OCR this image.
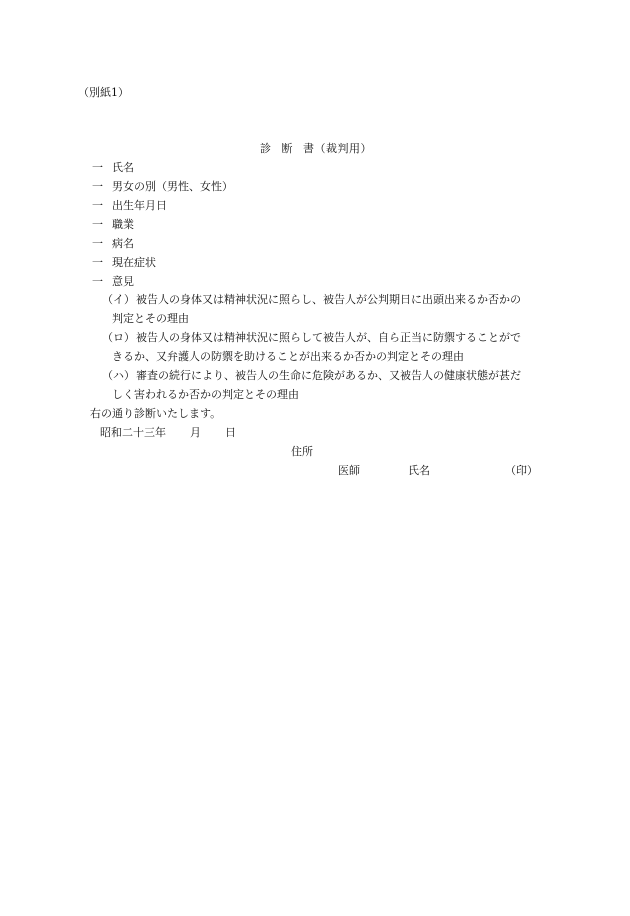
（別紙1）
診 断 書（裁判用）
一 氏名
一 男女の別（男性、女性）
一 出生年月日
一 職業
一 病名
一 現在症状
一 意見
（イ） 被告人の身体又は精神状況に照らし、被告人が公判期日に出頭出来るか否かの
判定とその理由
（ロ） 被告人の身体又は精神状況に照らして被告人が、自ら正当に防禦することがで
きるか、又弁護人の防禦を助けることが出来るか否かの判定とその理由
（ハ） 審査の続行により、被告人の生命に危険があるか、又被告人の健康状態が甚だ
しく害われるか否かの判定とその理由
右の通り診断いたします。
昭和二十三年 月 日
住所
医師	氏名	（印）
